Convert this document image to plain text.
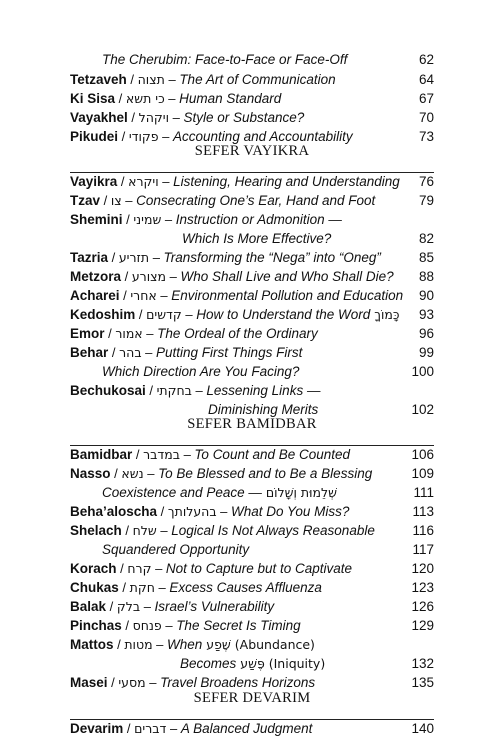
SEFER VAYIKRA
SEFER BAMIDBAR
SEFER DEVARIM
The Cherubim: Face-to-Face or Face-Off	62
Tetzaveh / תצוה – The Art of Communication	64
Ki Sisa / כי תשא – Human Standard	67
Vayakhel / ויקהל – Style or Substance?	70
Pikudei / פקודי – Accounting and Accountability	73
Vayikra / ויקרא – Listening, Hearing and Understanding	76
Tzav / צו – Consecrating One’s Ear, Hand and Foot	79
Shemini / שמיני – Instruction or Admonition —
Which Is More Effective?	82
Tazria / תזריע – Transforming the “Nega” into “Oneg”	85
Metzora / מצורע – Who Shall Live and Who Shall Die?	88
Acharei / אחרי – Environmental Pollution and Education	90
Kedoshim / קדשים – How to Understand the Word כָּמוֹךָ	93
Emor / אמור – The Ordeal of the Ordinary	96
Behar / בהר – Putting First Things First	99
Which Direction Are You Facing?	100
Bechukosai / בחקתי – Lessening Links —
Diminishing Merits	102
Bamidbar / במדבר – To Count and Be Counted	106
Nasso / נשא – To Be Blessed and to Be a Blessing	109
Coexistence and Peace — שְׁלֵמוּת וְשָׁלוֹם	111
Beha’aloscha / בהעלותך – What Do You Miss?	113
Shelach / שלח – Logical Is Not Always Reasonable	116
Squandered Opportunity	117
Korach / קרח – Not to Capture but to Captivate	120
Chukas / חקת – Excess Causes Affluenza	123
Balak / בלק – Israel’s Vulnerability	126
Pinchas / פנחס – The Secret Is Timing	129
Mattos / מטות – When שֶׁפַע (Abundance)
Becomes פֶּשַׁע (Iniquity)	132
Masei / מסעי – Travel Broadens Horizons	135
Devarim / דברים – A Balanced Judgment	140
